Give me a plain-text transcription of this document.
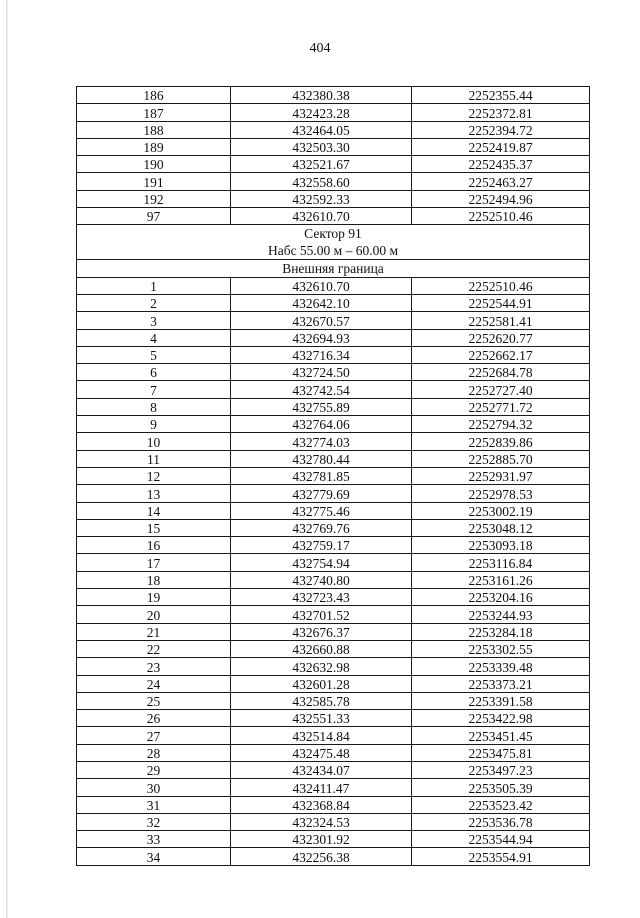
404
186	432380.38	2252355.44
187	432423.28	2252372.81
188	432464.05	2252394.72
189	432503.30	2252419.87
190	432521.67	2252435.37
191	432558.60	2252463.27
192	432592.33	2252494.96
97	432610.70	2252510.46

Сектор 91
Набс 55.00 м – 60.00 м		

Внешняя граница		
1	432610.70	2252510.46
2	432642.10	2252544.91
3	432670.57	2252581.41
4	432694.93	2252620.77
5	432716.34	2252662.17
6	432724.50	2252684.78
7	432742.54	2252727.40
8	432755.89	2252771.72
9	432764.06	2252794.32
10	432774.03	2252839.86
11	432780.44	2252885.70
12	432781.85	2252931.97
13	432779.69	2252978.53
14	432775.46	2253002.19
15	432769.76	2253048.12
16	432759.17	2253093.18
17	432754.94	2253116.84
18	432740.80	2253161.26
19	432723.43	2253204.16
20	432701.52	2253244.93
21	432676.37	2253284.18
22	432660.88	2253302.55
23	432632.98	2253339.48
24	432601.28	2253373.21
25	432585.78	2253391.58
26	432551.33	2253422.98
27	432514.84	2253451.45
28	432475.48	2253475.81
29	432434.07	2253497.23
30	432411.47	2253505.39
31	432368.84	2253523.42
32	432324.53	2253536.78
33	432301.92	2253544.94
34	432256.38	2253554.91
